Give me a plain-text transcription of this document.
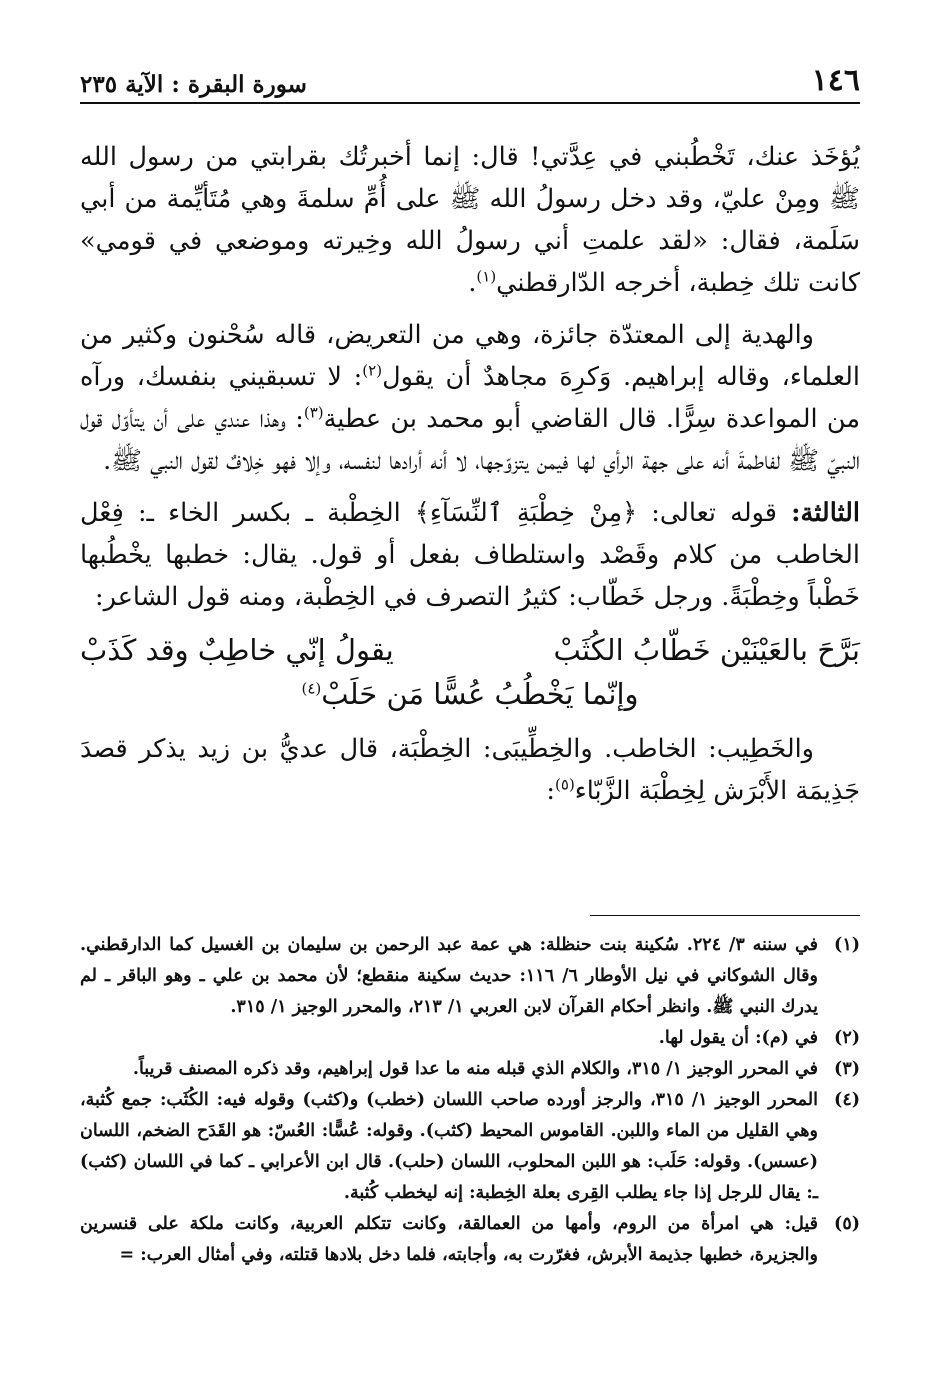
١٤٦
سورة البقرة : الآية ٢٣٥

يُؤخَذ عنك، تَخْطُبني في عِدَّتي! قال: إنما أخبرتُك بقرابتي من رسول الله ﷺ ومِنْ عليّ، وقد دخل رسولُ الله ﷺ على أُمِّ سلمةَ وهي مُتَأيِّمة من أبي سَلَمة، فقال: «لقد علمتِ أني رسولُ الله وخِيرته وموضعي في قومي» كانت تلك خِطبة، أخرجه الدّارقطني$^{(١)}$.

والهدية إلى المعتدّة جائزة، وهي من التعريض، قاله سُحْنون وكثير من العلماء، وقاله إبراهيم. وَكرِهَ مجاهدٌ أن يقول$^{(٢)}$: لا تسبقيني بنفسك، ورآه من المواعدة سِرًّا. قال القاضي أبو محمد بن عطية$^{(٣)}$: وهذا عندي على أن يتأوّل قول النبيّ ﷺ لفاطمةَ أنه على جهة الرأي لها فيمن يتزوّجها، لا أنه أرادها لنفسه، وإلا فهو خِلافٌ لقول النبي ﷺ.

الثالثة: قوله تعالى: ﴿مِنْ خِطْبَةِ ٱلنِّسَآءِ﴾ الخِطْبة ـ بكسر الخاء ـ: فِعْل الخاطب من كلام وقَصْد واستلطاف بفعل أو قول. يقال: خطبها يخْطُبها خَطْباً وخِطْبَةً. ورجل خَطّاب: كثيرُ التصرف في الخِطْبة، ومنه قول الشاعر:

بَرَّحَ بالعَيْنَيْن خَطّابُ الكُثَبْ
يقولُ إنّي خاطِبٌ وقد كَذَبْ
وإنّما يَخْطُبُ عُسًّا مَن حَلَبْ$^{(٤)}$

والخَطِيب: الخاطب. والخِطِّيبَى: الخِطْبَة، قال عديُّ بن زيد يذكر قصدَ جَذِيمَة الأَبْرَش لِخِطْبَة الزَّبّاء$^{(٥)}$:

(١)
في سننه ٣/ ٢٢٤. سُكينة بنت حنظلة: هي عمة عبد الرحمن بن سليمان بن الغسيل كما الدارقطني. وقال الشوكاني في نيل الأوطار ٦/ ١١٦: حديث سكينة منقطع؛ لأن محمد بن علي ـ وهو الباقر ـ لم يدرك النبي ﷺ. وانظر أحكام القرآن لابن العربي ١/ ٢١٣، والمحرر الوجيز ١/ ٣١٥.
(٢)
في (م): أن يقول لها.
(٣)
في المحرر الوجيز ١/ ٣١٥، والكلام الذي قبله منه ما عدا قول إبراهيم، وقد ذكره المصنف قريباً.
(٤)
المحرر الوجيز ١/ ٣١٥، والرجز أورده صاحب اللسان (خطب) و(كثب) وقوله فيه: الكُثَب: جمع كُثبة، وهي القليل من الماء واللبن. القاموس المحيط (كثب). وقوله: عُسًّا: العُسّ: هو القَدَح الضخم، اللسان (عسس). وقوله: حَلَب: هو اللبن المحلوب، اللسان (حلب). قال ابن الأعرابي ـ كما في اللسان (كثب) ـ: يقال للرجل إذا جاء يطلب القِرى بعلة الخِطبة: إنه ليخطب كُثبة.
(٥)
قيل: هي امرأة من الروم، وأمها من العمالقة، وكانت تتكلم العربية، وكانت ملكة على قنسرين والجزيرة، خطبها جذيمة الأبرش، فغرّرت به، وأجابته، فلما دخل بلادها قتلته، وفي أمثال العرب: =
